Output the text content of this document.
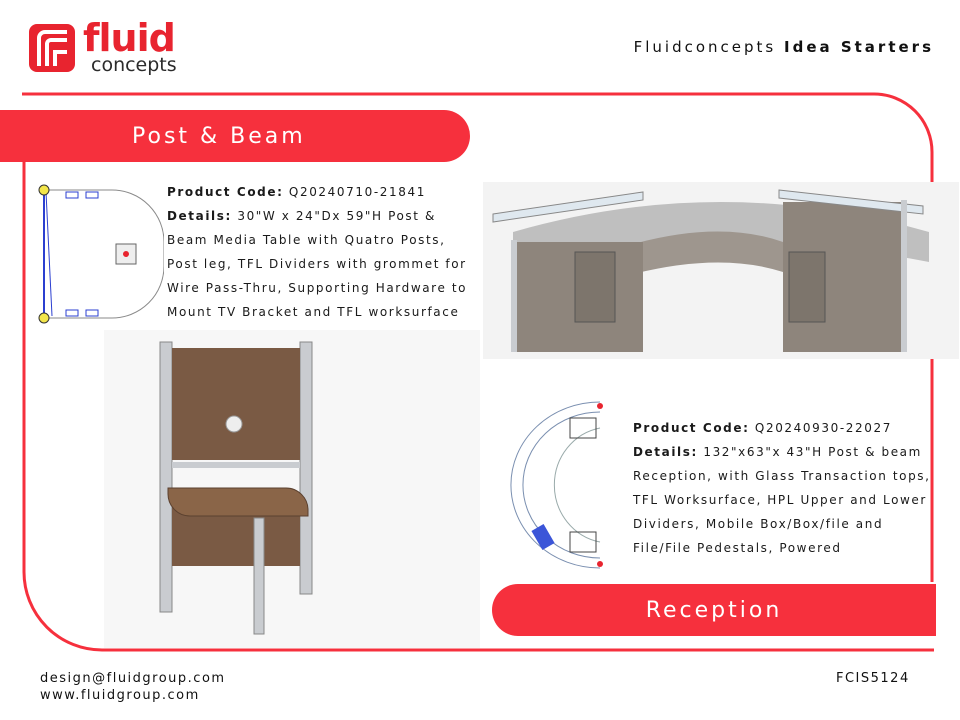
fluid
concepts
Fluidconcepts Idea Starters
Post & Beam
Product Code: Q20240710-21841
Details: 30"W x 24"Dx 59"H Post & Beam Media Table with Quatro Posts, Post leg, TFL Dividers with grommet for Wire Pass-Thru, Supporting Hardware to Mount TV Bracket and TFL worksurface
Product Code: Q20240930-22027
Details: 132"x63"x 43"H Post & beam Reception, with Glass Transaction tops, TFL Worksurface, HPL Upper and Lower Dividers, Mobile Box/Box/file and File/File Pedestals, Powered
Reception
design@fluidgroup.com
www.fluidgroup.com
FCIS5124
